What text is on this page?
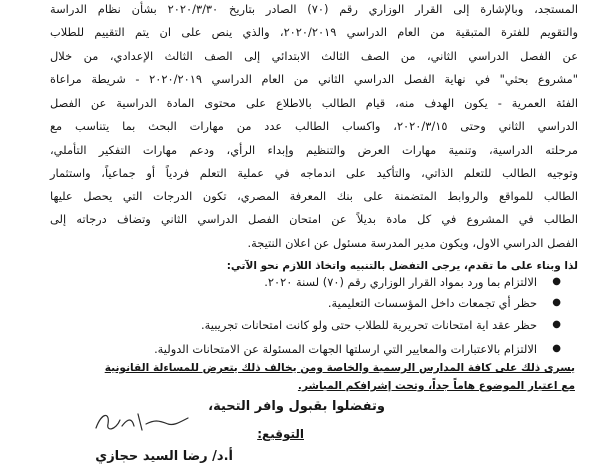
المستجد، وبالإشارة إلى القرار الوزاري رقم (٧٠) الصادر بتاريخ ٢٠٢٠/٣/٣٠ بشأن نظام الدراسة
والتقويم للفترة المتبقية من العام الدراسي ٢٠٢٠/٢٠١٩، والذي ينص على ان يتم التقييم للطلاب
عن الفصل الدراسي الثاني، من الصف الثالث الابتدائي إلى الصف الثالث الإعدادي، من خلال
"مشروع بحثي" في نهاية الفصل الدراسي الثاني من العام الدراسي ٢٠٢٠/٢٠١٩ - شريطة مراعاة
الفئة العمرية - يكون الهدف منه، قيام الطالب بالاطلاع على محتوى المادة الدراسية عن الفصل
الدراسي الثاني وحتى ٢٠٢٠/٣/١٥، واكساب الطالب عدد من مهارات البحث بما يتناسب مع
مرحلته الدراسية، وتنمية مهارات العرض والتنظيم وإبداء الرأي، ودعم مهارات التفكير التأملي،
وتوجيه الطالب للتعلم الذاتي، والتأكيد على اندماجه في عملية التعلم فردياً أو جماعياً، واستثمار
الطالب للمواقع والروابط المتضمنة على بنك المعرفة المصري، تكون الدرجات التي يحصل عليها
الطالب في المشروع في كل مادة بديلاً عن امتحان الفصل الدراسي الثاني وتضاف درجاته إلى
الفصل الدراسي الاول، ويكون مدير المدرسة مسئول عن اعلان النتيجة.
لذا وبناء على ما تقدم، يرجى التفضل بالتنبيه واتخاذ اللازم نحو الآتي:
●
الالتزام بما ورد بمواد القرار الوزاري رقم (٧٠) لسنة ٢٠٢٠.
●
حظر أي تجمعات داخل المؤسسات التعليمية.
●
حظر عقد اية امتحانات تحريرية للطلاب حتى ولو كانت امتحانات تجريبية.
●
الالتزام بالاعتبارات والمعايير التي ارسلتها الجهات المسئولة عن الامتحانات الدولية.
يسرى ذلك على كافة المدارس الرسمية والخاصة ومن يخالف ذلك يتعرض للمساءلة القانونية
مع اعتبار الموضوع هاماً جداً، وتحت إشرافكم المباشر.
وتفضلوا بقبول وافر التحية،
التوقيع:
أ.د/ رضا السيد حجازي
